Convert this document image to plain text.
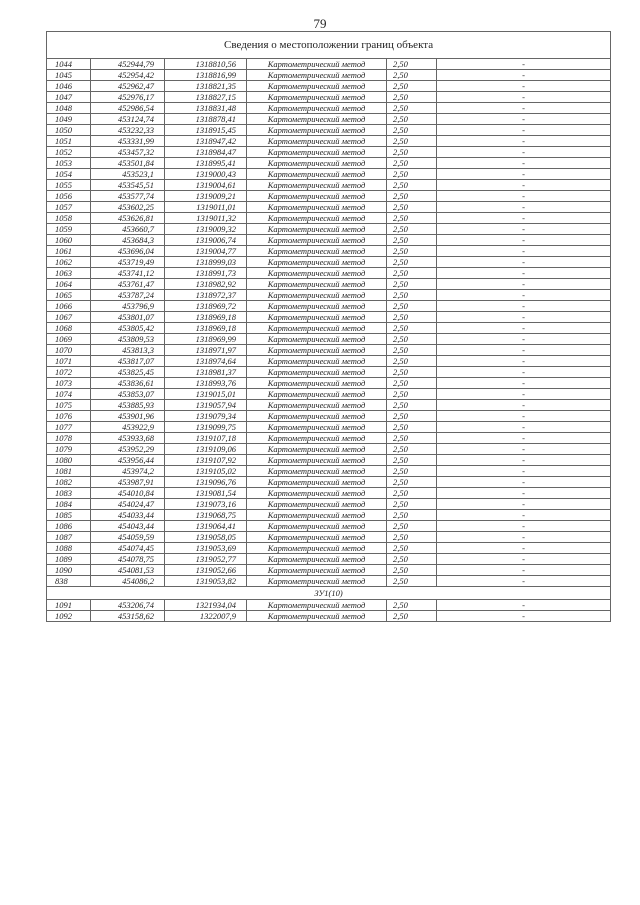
79
Сведения о местоположении границ объекта					
1044	452944,79	1318810,56	Картометрический метод	2,50	-
1045	452954,42	1318816,99	Картометрический метод	2,50	-
1046	452962,47	1318821,35	Картометрический метод	2,50	-
1047	452976,17	1318827,15	Картометрический метод	2,50	-
1048	452986,54	1318831,48	Картометрический метод	2,50	-
1049	453124,74	1318878,41	Картометрический метод	2,50	-
1050	453232,33	1318915,45	Картометрический метод	2,50	-
1051	453331,99	1318947,42	Картометрический метод	2,50	-
1052	453457,32	1318984,47	Картометрический метод	2,50	-
1053	453501,84	1318995,41	Картометрический метод	2,50	-
1054	453523,1	1319000,43	Картометрический метод	2,50	-
1055	453545,51	1319004,61	Картометрический метод	2,50	-
1056	453577,74	1319009,21	Картометрический метод	2,50	-
1057	453602,25	1319011,01	Картометрический метод	2,50	-
1058	453626,81	1319011,32	Картометрический метод	2,50	-
1059	453660,7	1319009,32	Картометрический метод	2,50	-
1060	453684,3	1319006,74	Картометрический метод	2,50	-
1061	453696,04	1319004,77	Картометрический метод	2,50	-
1062	453719,49	1318999,03	Картометрический метод	2,50	-
1063	453741,12	1318991,73	Картометрический метод	2,50	-
1064	453761,47	1318982,92	Картометрический метод	2,50	-
1065	453787,24	1318972,37	Картометрический метод	2,50	-
1066	453796,9	1318969,72	Картометрический метод	2,50	-
1067	453801,07	1318969,18	Картометрический метод	2,50	-
1068	453805,42	1318969,18	Картометрический метод	2,50	-
1069	453809,53	1318969,99	Картометрический метод	2,50	-
1070	453813,3	1318971,97	Картометрический метод	2,50	-
1071	453817,07	1318974,64	Картометрический метод	2,50	-
1072	453825,45	1318981,37	Картометрический метод	2,50	-
1073	453836,61	1318993,76	Картометрический метод	2,50	-
1074	453853,07	1319015,01	Картометрический метод	2,50	-
1075	453885,93	1319057,94	Картометрический метод	2,50	-
1076	453901,96	1319079,34	Картометрический метод	2,50	-
1077	453922,9	1319099,75	Картометрический метод	2,50	-
1078	453933,68	1319107,18	Картометрический метод	2,50	-
1079	453952,29	1319109,06	Картометрический метод	2,50	-
1080	453956,44	1319107,92	Картометрический метод	2,50	-
1081	453974,2	1319105,02	Картометрический метод	2,50	-
1082	453987,91	1319096,76	Картометрический метод	2,50	-
1083	454010,84	1319081,54	Картометрический метод	2,50	-
1084	454024,47	1319073,16	Картометрический метод	2,50	-
1085	454033,44	1319068,75	Картометрический метод	2,50	-
1086	454043,44	1319064,41	Картометрический метод	2,50	-
1087	454059,59	1319058,05	Картометрический метод	2,50	-
1088	454074,45	1319053,69	Картометрический метод	2,50	-
1089	454078,75	1319052,77	Картометрический метод	2,50	-
1090	454081,53	1319052,66	Картометрический метод	2,50	-
838	454086,2	1319053,82	Картометрический метод	2,50	-
ЗУ1(10)					
1091	453206,74	1321934,04	Картометрический метод	2,50	-
1092	453158,62	1322007,9	Картометрический метод	2,50	-
